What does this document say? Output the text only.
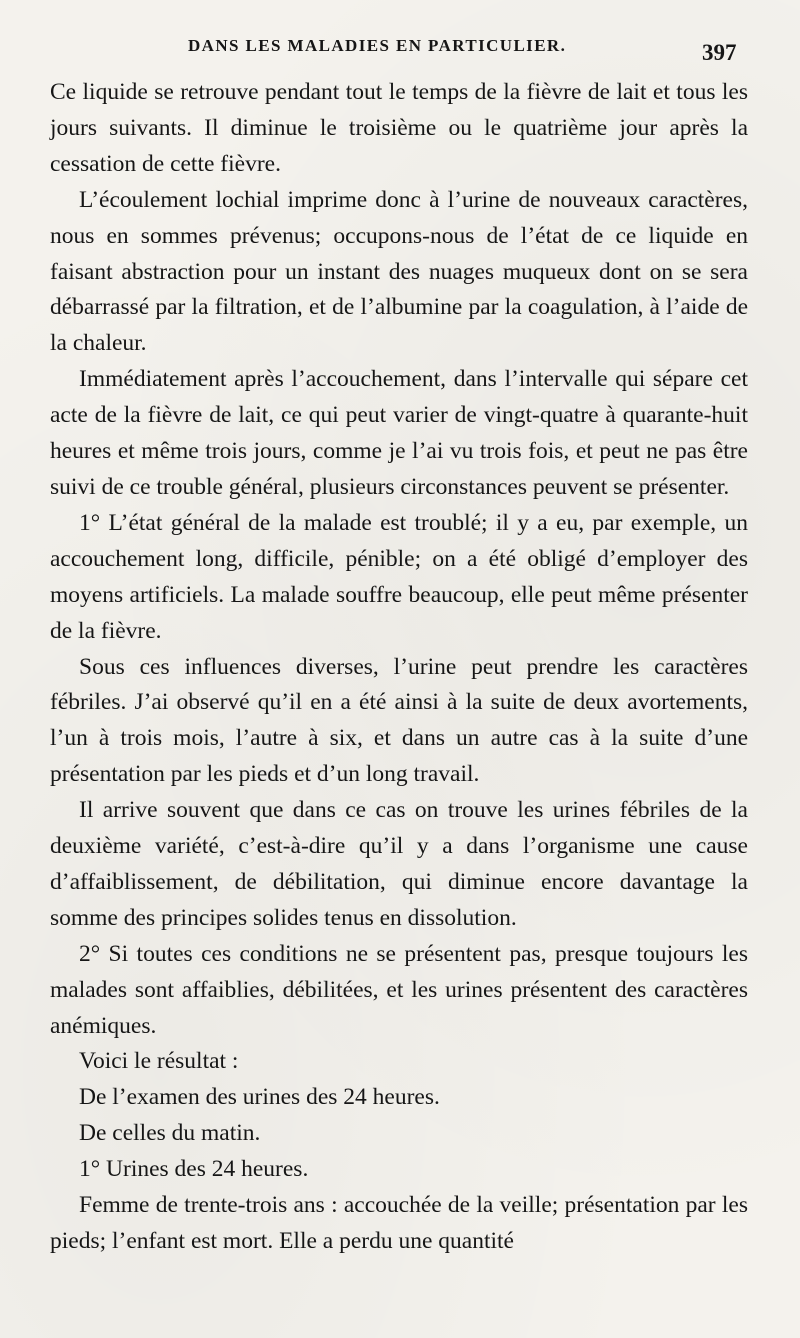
DANS LES MALADIES EN PARTICULIER.	397

Ce liquide se retrouve pendant tout le temps de la fièvre de lait et tous les jours suivants. Il diminue le troisième ou le quatrième jour après la cessation de cette fièvre.

L’écoulement lochial imprime donc à l’urine de nouveaux caractères, nous en sommes prévenus; occupons-nous de l’état de ce liquide en faisant abstraction pour un instant des nuages muqueux dont on se sera débarrassé par la filtration, et de l’albumine par la coagulation, à l’aide de la chaleur.

Immédiatement après l’accouchement, dans l’intervalle qui sépare cet acte de la fièvre de lait, ce qui peut varier de vingt-quatre à quarante-huit heures et même trois jours, comme je l’ai vu trois fois, et peut ne pas être suivi de ce trouble général, plusieurs circonstances peuvent se présenter.

1° L’état général de la malade est troublé; il y a eu, par exemple, un accouchement long, difficile, pénible; on a été obligé d’employer des moyens artificiels. La malade souffre beaucoup, elle peut même présenter de la fièvre.

Sous ces influences diverses, l’urine peut prendre les caractères fébriles. J’ai observé qu’il en a été ainsi à la suite de deux avortements, l’un à trois mois, l’autre à six, et dans un autre cas à la suite d’une présentation par les pieds et d’un long travail.

Il arrive souvent que dans ce cas on trouve les urines fébriles de la deuxième variété, c’est-à-dire qu’il y a dans l’organisme une cause d’affaiblissement, de débilitation, qui diminue encore davantage la somme des principes solides tenus en dissolution.

2° Si toutes ces conditions ne se présentent pas, presque toujours les malades sont affaiblies, débilitées, et les urines présentent des caractères anémiques.

Voici le résultat :

De l’examen des urines des 24 heures.

De celles du matin.

1° Urines des 24 heures.

Femme de trente-trois ans : accouchée de la veille; présentation par les pieds; l’enfant est mort. Elle a perdu une quantité
